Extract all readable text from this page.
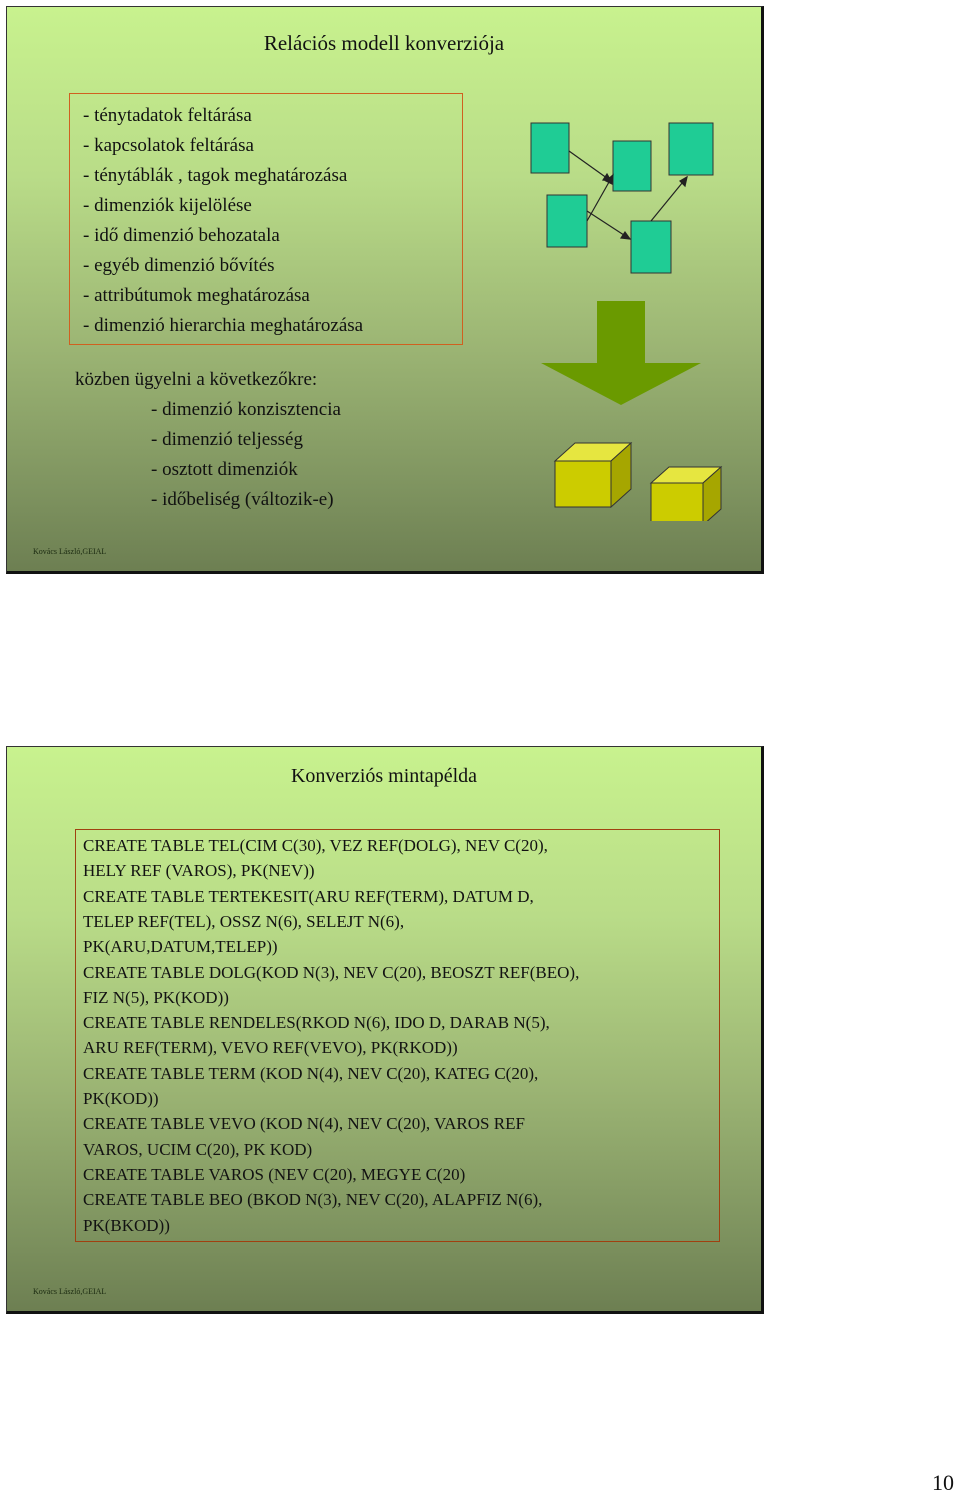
Relációs modell konverziója
- ténytadatok feltárása
- kapcsolatok feltárása
- ténytáblák , tagok meghatározása
- dimenziók kijelölése
- idő dimenzió behozatala
- egyéb dimenzió bővítés
- attribútumok meghatározása
- dimenzió hierarchia meghatározása
közben ügyelni a következőkre:
- dimenzió konzisztencia
- dimenzió teljesség
- osztott dimenziók
- időbeliség (változik-e)
Kovács László,GEIAL
Konverziós mintapélda
Kovács László,GEIAL
CREATE TABLE TEL(CIM C(30), VEZ REF(DOLG), NEV C(20),
HELY REF (VAROS), PK(NEV))
CREATE TABLE TERTEKESIT(ARU REF(TERM), DATUM D,
TELEP REF(TEL), OSSZ N(6), SELEJT N(6),
PK(ARU,DATUM,TELEP))
CREATE TABLE DOLG(KOD N(3), NEV C(20), BEOSZT REF(BEO),
FIZ N(5), PK(KOD))
CREATE TABLE RENDELES(RKOD N(6), IDO D, DARAB N(5),
ARU REF(TERM), VEVO REF(VEVO), PK(RKOD))
CREATE TABLE TERM (KOD N(4), NEV C(20), KATEG C(20),
PK(KOD))
CREATE TABLE VEVO (KOD N(4), NEV C(20), VAROS REF
VAROS, UCIM C(20), PK KOD)
CREATE TABLE VAROS (NEV C(20), MEGYE C(20)
CREATE TABLE BEO (BKOD N(3), NEV C(20), ALAPFIZ N(6),
PK(BKOD))
10
